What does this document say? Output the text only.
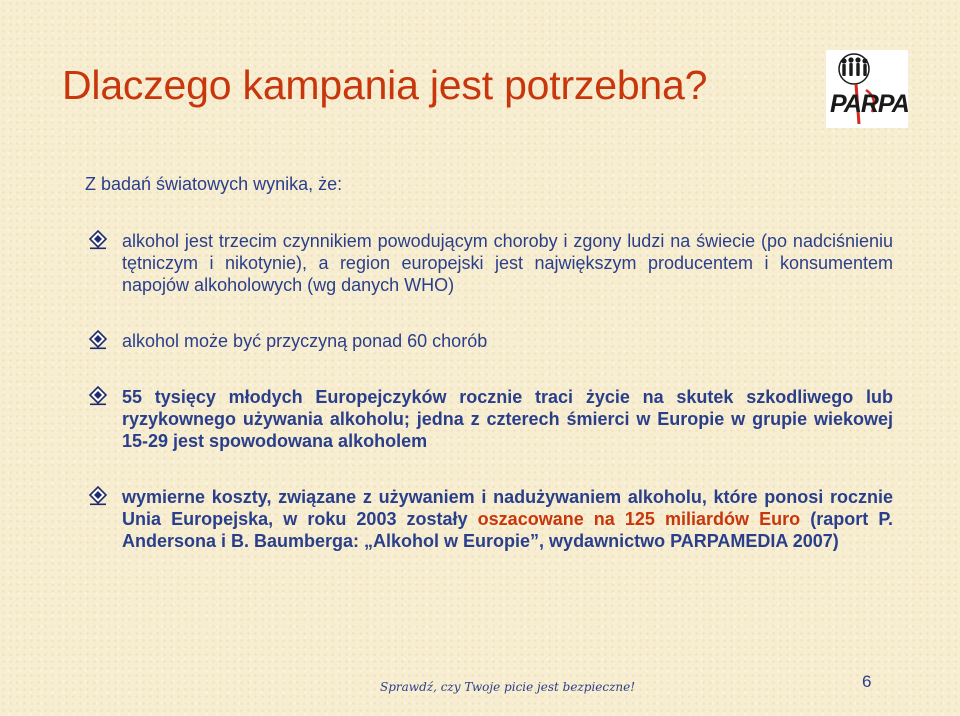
Dlaczego kampania jest potrzebna?	PARPA

Z badań światowych wynika, że:

alkohol jest trzecim czynnikiem powodującym choroby i zgony ludzi na świecie (po nadciśnieniu tętniczym i nikotynie), a region europejski jest największym producentem i konsumentem napojów alkoholowych (wg danych WHO)
alkohol może być przyczyną ponad 60 chorób
55 tysięcy młodych Europejczyków rocznie traci życie na skutek szkodliwego lub ryzykownego używania alkoholu; jedna z czterech śmierci w Europie w grupie wiekowej 15-29 jest spowodowana alkoholem
wymierne koszty, związane z używaniem i nadużywaniem alkoholu, które ponosi rocznie Unia Europejska, w roku 2003 zostały oszacowane na 125 miliardów Euro (raport P. Andersona i B. Baumberga: „Alkohol w Europie”, wydawnictwo PARPAMEDIA 2007)
Sprawdź, czy Twoje picie jest bezpieczne!	6
